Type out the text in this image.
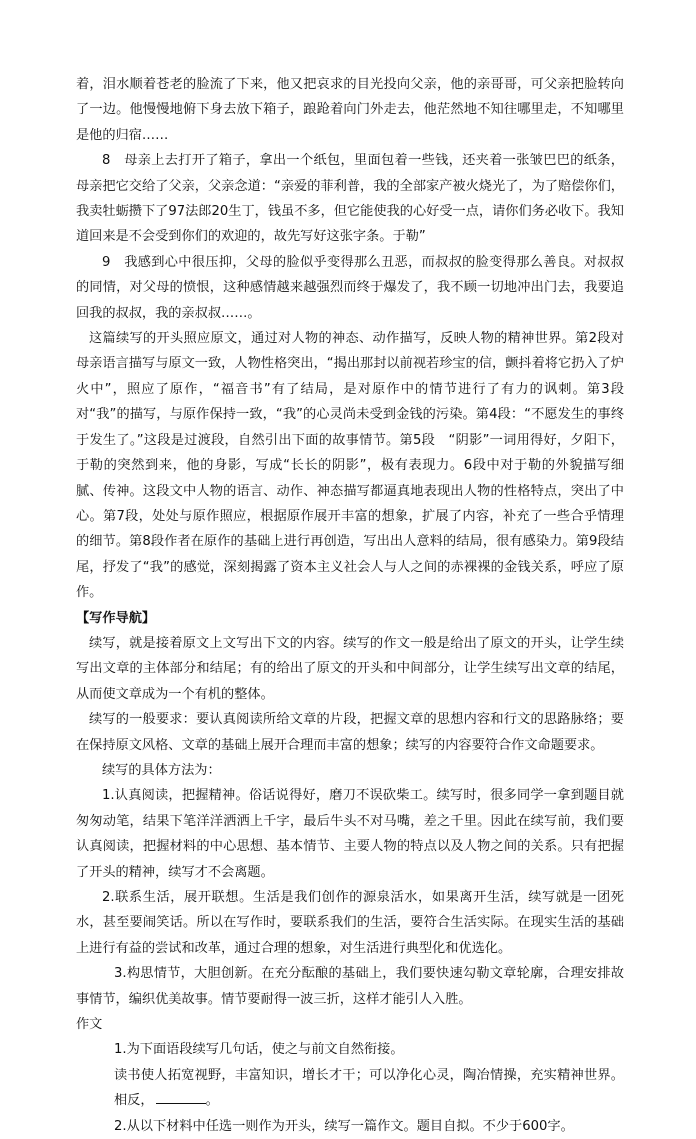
着，泪水顺着苍老的脸流了下来，他又把哀求的目光投向父亲，他的亲哥哥，可父亲把脸转向了一边。他慢慢地俯下身去放下箱子，踉跄着向门外走去，他茫然地不知往哪里走，不知哪里是他的归宿……

8　母亲上去打开了箱子，拿出一个纸包，里面包着一些钱，还夹着一张皱巴巴的纸条，母亲把它交给了父亲，父亲念道：“亲爱的菲利普，我的全部家产被火烧光了，为了赔偿你们，我卖牡蛎攒下了97法郎20生丁，钱虽不多，但它能使我的心好受一点，请你们务必收下。我知道回来是不会受到你们的欢迎的，故先写好这张字条。于勒”

9　我感到心中很压抑，父母的脸似乎变得那么丑恶，而叔叔的脸变得那么善良。对叔叔的同情，对父母的愤恨，这种感情越来越强烈而终于爆发了，我不顾一切地冲出门去，我要追回我的叔叔，我的亲叔叔……。

这篇续写的开头照应原文，通过对人物的神态、动作描写，反映人物的精神世界。第2段对母亲语言描写与原文一致，人物性格突出，“揭出那封以前视若珍宝的信，颤抖着将它扔入了炉火中”，照应了原作，“福音书”有了结局，是对原作中的情节进行了有力的讽刺。第3段对“我”的描写，与原作保持一致，“我”的心灵尚未受到金钱的污染。第4段：“不愿发生的事终于发生了。”这段是过渡段，自然引出下面的故事情节。第5段　“阴影”一词用得好，夕阳下，于勒的突然到来，他的身影，写成“长长的阴影”，极有表现力。6段中对于勒的外貌描写细腻、传神。这段文中人物的语言、动作、神态描写都逼真地表现出人物的性格特点，突出了中心。第7段，处处与原作照应，根据原作展开丰富的想象，扩展了内容，补充了一些合乎情理的细节。第8段作者在原作的基础上进行再创造，写出出人意料的结局，很有感染力。第9段结尾，抒发了“我”的感觉，深刻揭露了资本主义社会人与人之间的赤裸裸的金钱关系，呼应了原作。

【写作导航】

续写，就是接着原文上文写出下文的内容。续写的作文一般是给出了原文的开头，让学生续写出文章的主体部分和结尾；有的给出了原文的开头和中间部分，让学生续写出文章的结尾，从而使文章成为一个有机的整体。

续写的一般要求：要认真阅读所给文章的片段，把握文章的思想内容和行文的思路脉络；要在保持原文风格、文章的基础上展开合理而丰富的想象；续写的内容要符合作文命题要求。

续写的具体方法为：

1.认真阅读，把握精神。俗话说得好，磨刀不误砍柴工。续写时，很多同学一拿到题目就匆匆动笔，结果下笔洋洋洒洒上千字，最后牛头不对马嘴，差之千里。因此在续写前，我们要认真阅读，把握材料的中心思想、基本情节、主要人物的特点以及人物之间的关系。只有把握了开头的精神，续写才不会离题。

2.联系生活，展开联想。生活是我们创作的源泉活水，如果离开生活，续写就是一团死水，甚至要闹笑话。所以在写作时，要联系我们的生活，要符合生活实际。在现实生活的基础上进行有益的尝试和改革，通过合理的想象，对生活进行典型化和优选化。

3.构思情节，大胆创新。在充分酝酿的基础上，我们要快速勾勒文章轮廓，合理安排故事情节，编织优美故事。情节要耐得一波三折，这样才能引人入胜。

作文

1.为下面语段续写几句话，使之与前文自然衔接。

读书使人拓宽视野，丰富知识，增长才干；可以净化心灵，陶冶情操，充实精神世界。相反，	。

2.从以下材料中任选一则作为开头，续写一篇作文。题目自拟。不少于600字。
